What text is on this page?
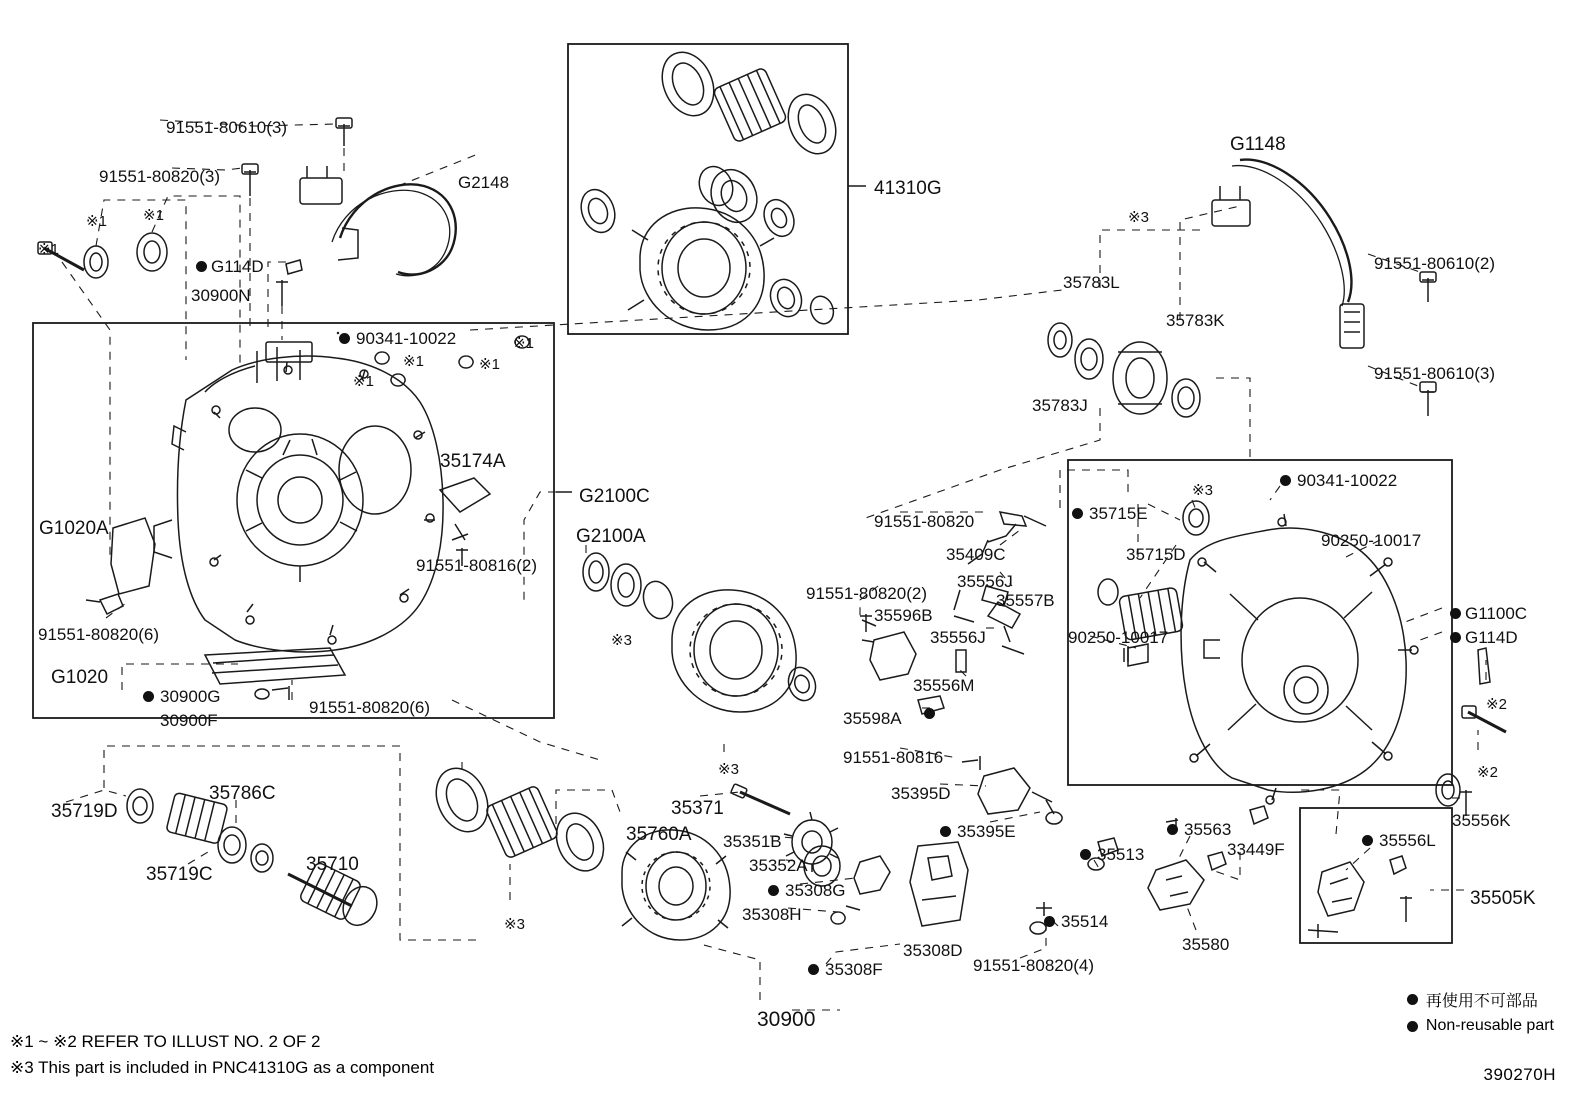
91551-80610(3)
91551-80820(3)	G2148
※1 ※1
※1
G114D
30900N
90341-10022	※1
※1	※1
※1
35174A
G2100C
G2100A
G1020A
91551-80816(2)
91551-80820(6)
G1020
30900G
30900F
91551-80820(6)
※3
※3
41310G
G1148
※3
35783L
35783K
35783J
91551-80610(2)
91551-80610(3)
90341-10022
※3
35715E
35715D
90250-10017
91551-80820
35409C
35556J
91551-80820(2)	35557B
35596B
35556J	90250-10017
35556M
35598A
G1100C
G114D
※2
※2
35556K
91551-80816
35395D
35395E	35563
33449F
35513
35556L
35505K
35514
35580
91551-80820(4)
35719D
35786C
35719C	35710
※3
35760A
35371
35351B
35352A
35308G
35308H
35308D
35308F
30900
再使用不可部品
Non-reusable part
※1 ~ ※2 REFER TO ILLUST NO. 2 OF 2
※3 This part is included in PNC41310G as a component	390270H
